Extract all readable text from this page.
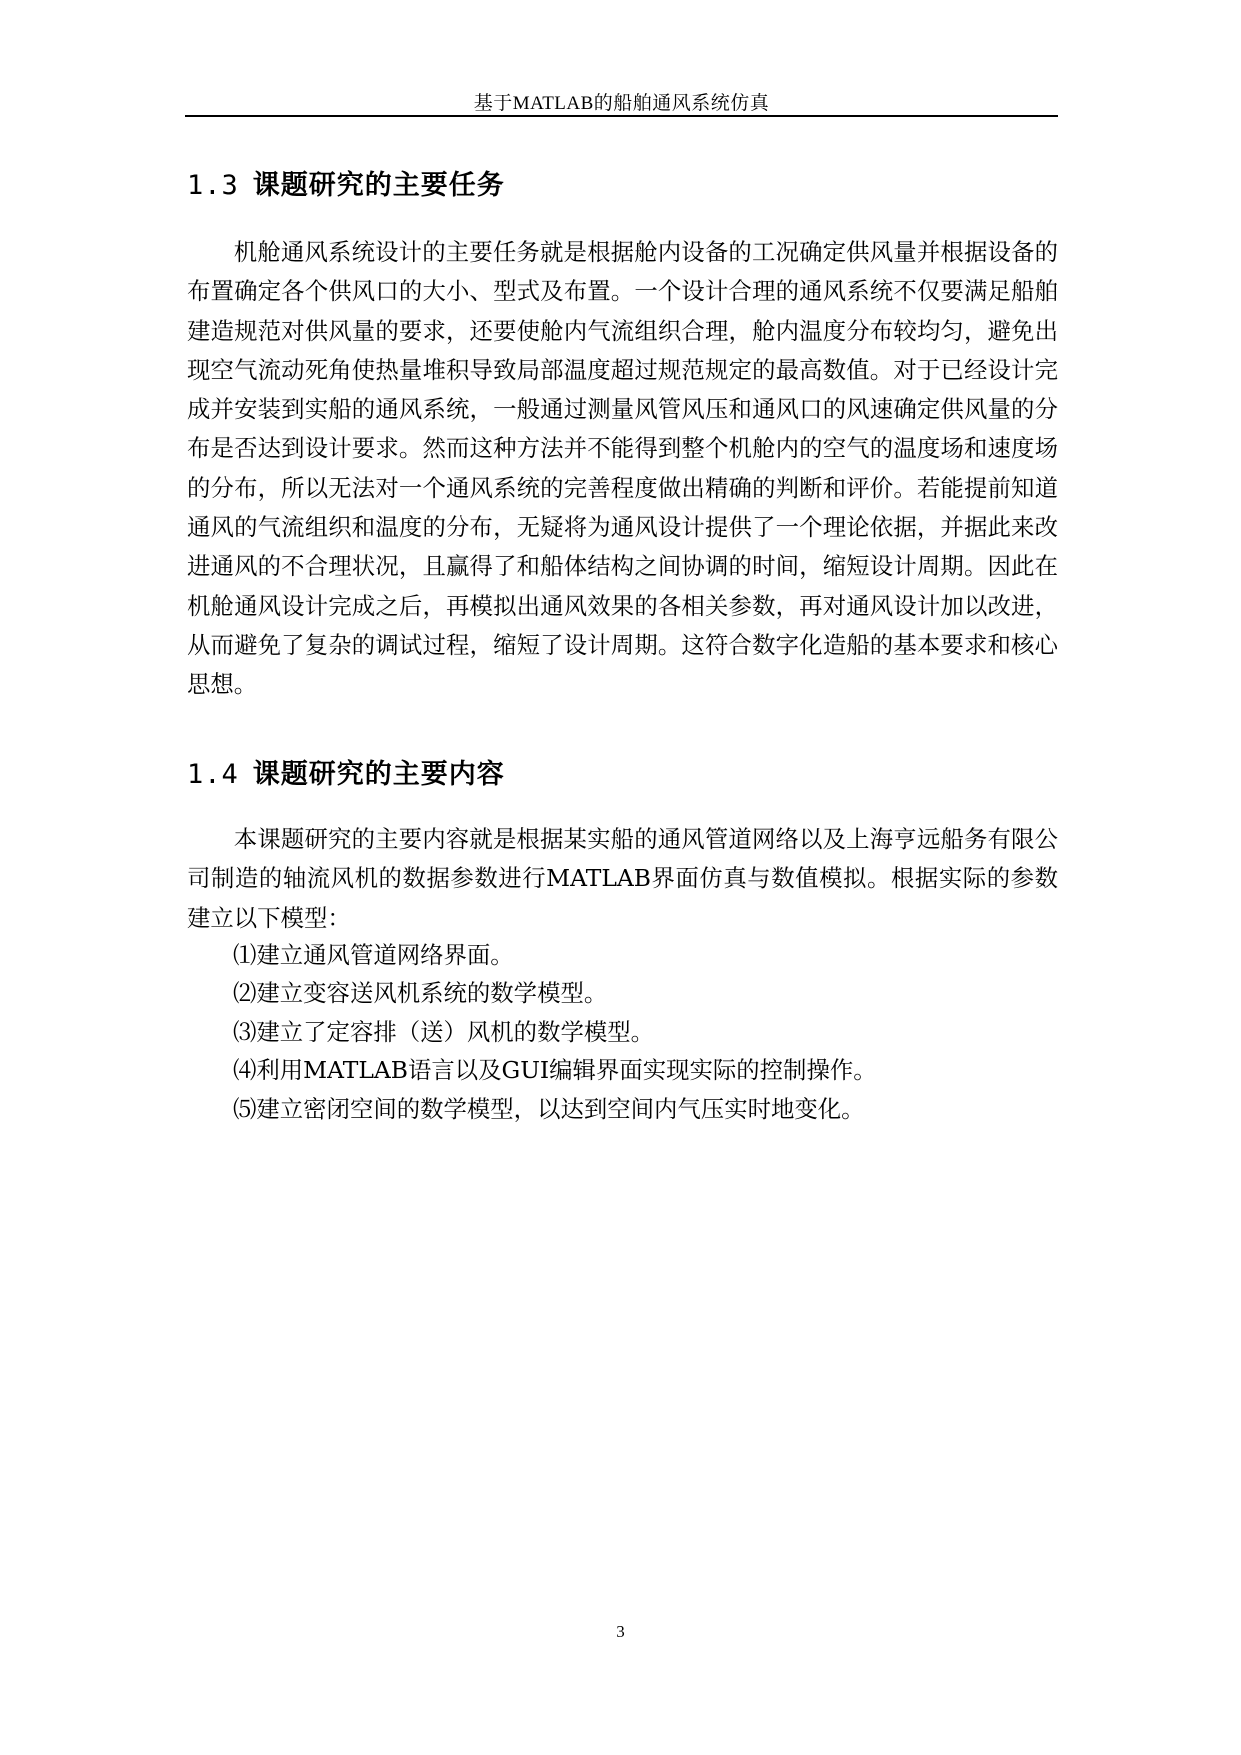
基于MATLAB的船舶通风系统仿真
1.3 课题研究的主要任务

机舱通风系统设计的主要任务就是根据舱内设备的工况确定供风量并根据设备的布置确定各个供风口的大小、型式及布置。一个设计合理的通风系统不仅要满足船舶建造规范对供风量的要求，还要使舱内气流组织合理，舱内温度分布较均匀，避免出现空气流动死角使热量堆积导致局部温度超过规范规定的最高数值。对于已经设计完成并安装到实船的通风系统，一般通过测量风管风压和通风口的风速确定供风量的分布是否达到设计要求。然而这种方法并不能得到整个机舱内的空气的温度场和速度场的分布，所以无法对一个通风系统的完善程度做出精确的判断和评价。若能提前知道通风的气流组织和温度的分布，无疑将为通风设计提供了一个理论依据，并据此来改进通风的不合理状况，且赢得了和船体结构之间协调的时间，缩短设计周期。因此在机舱通风设计完成之后，再模拟出通风效果的各相关参数，再对通风设计加以改进，从而避免了复杂的调试过程，缩短了设计周期。这符合数字化造船的基本要求和核心思想。

1.4 课题研究的主要内容

本课题研究的主要内容就是根据某实船的通风管道网络以及上海亨远船务有限公司制造的轴流风机的数据参数进行MATLAB界面仿真与数值模拟。根据实际的参数建立以下模型：

⑴建立通风管道网络界面。
⑵建立变容送风机系统的数学模型。
⑶建立了定容排（送）风机的数学模型。
⑷利用MATLAB语言以及GUI编辑界面实现实际的控制操作。
⑸建立密闭空间的数学模型，以达到空间内气压实时地变化。
3
